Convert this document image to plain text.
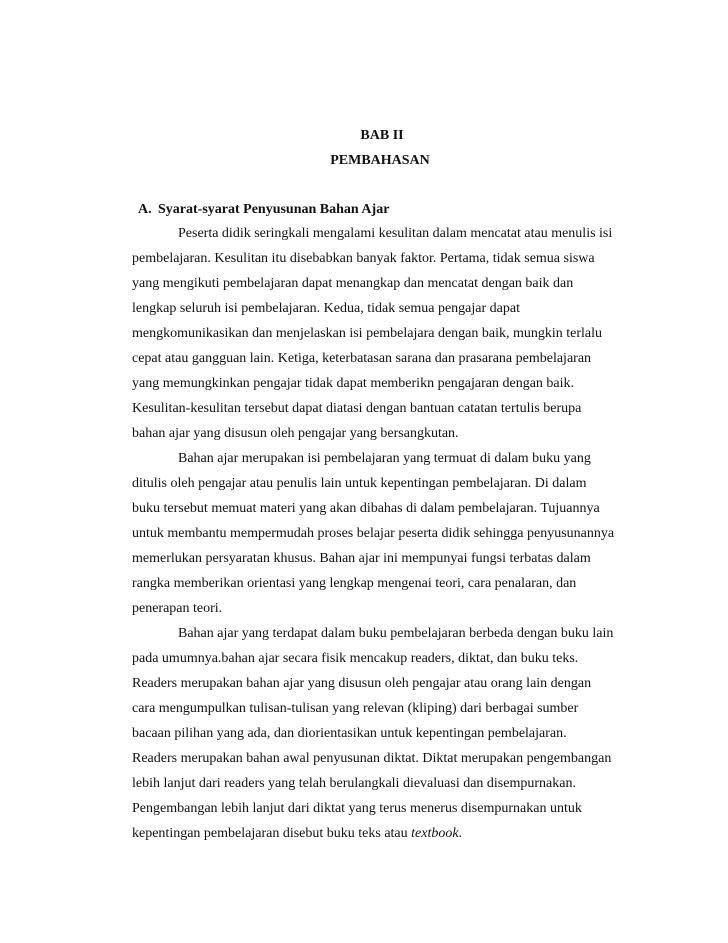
BAB II
PEMBAHASAN
A. Syarat-syarat Penyusunan Bahan Ajar
Peserta didik seringkali mengalami kesulitan dalam mencatat atau menulis isi
pembelajaran. Kesulitan itu disebabkan banyak faktor. Pertama, tidak semua siswa
yang mengikuti pembelajaran dapat menangkap dan mencatat dengan baik dan
lengkap seluruh isi pembelajaran. Kedua, tidak semua pengajar dapat
mengkomunikasikan dan menjelaskan isi pembelajara dengan baik, mungkin terlalu
cepat atau gangguan lain. Ketiga, keterbatasan sarana dan prasarana pembelajaran
yang memungkinkan pengajar tidak dapat memberikn pengajaran dengan baik.
Kesulitan-kesulitan tersebut dapat diatasi dengan bantuan catatan tertulis berupa
bahan ajar yang disusun oleh pengajar yang bersangkutan.
Bahan ajar merupakan isi pembelajaran yang termuat di dalam buku yang
ditulis oleh pengajar atau penulis lain untuk kepentingan pembelajaran. Di dalam
buku tersebut memuat materi yang akan dibahas di dalam pembelajaran. Tujuannya
untuk membantu mempermudah proses belajar peserta didik sehingga penyusunannya
memerlukan persyaratan khusus. Bahan ajar ini mempunyai fungsi terbatas dalam
rangka memberikan orientasi yang lengkap mengenai teori, cara penalaran, dan
penerapan teori.
Bahan ajar yang terdapat dalam buku pembelajaran berbeda dengan buku lain
pada umumnya.bahan ajar secara fisik mencakup readers, diktat, dan buku teks.
Readers merupakan bahan ajar yang disusun oleh pengajar atau orang lain dengan
cara mengumpulkan tulisan-tulisan yang relevan (kliping) dari berbagai sumber
bacaan pilihan yang ada, dan diorientasikan untuk kepentingan pembelajaran.
Readers merupakan bahan awal penyusunan diktat. Diktat merupakan pengembangan
lebih lanjut dari readers yang telah berulangkali dievaluasi dan disempurnakan.
Pengembangan lebih lanjut dari diktat yang terus menerus disempurnakan untuk
kepentingan pembelajaran disebut buku teks atau textbook.
